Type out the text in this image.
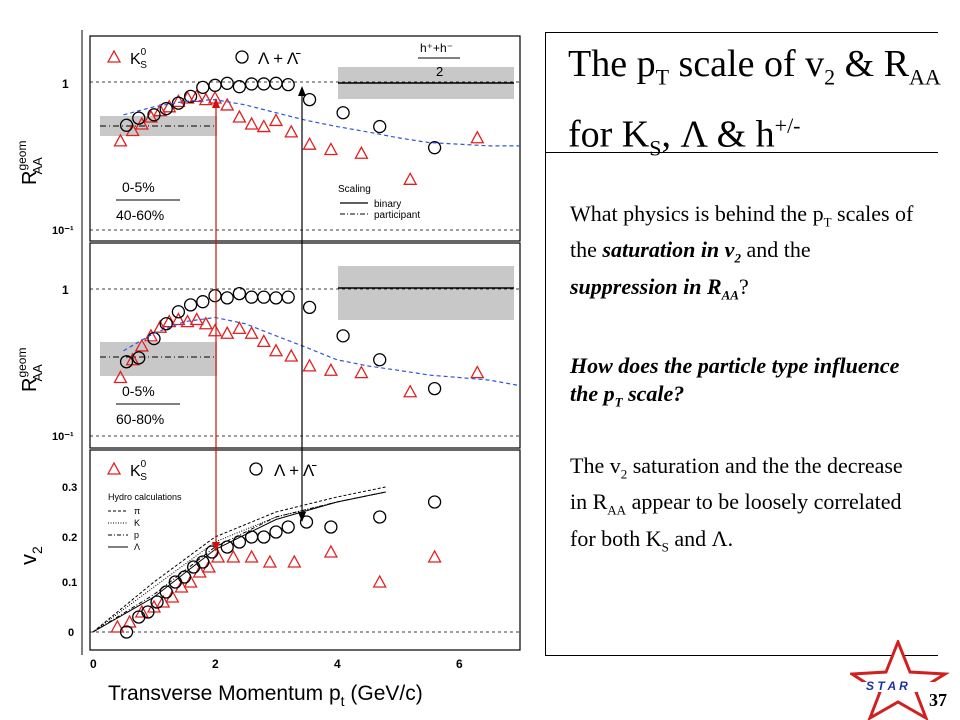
1
10⁻¹
1
10⁻¹
0.3
0.2
0.1
0
0	2	4	6
Transverse Momentum $p_t$ (GeV/c)
$R^{geom}AA$
$R^{geom}AA$
$v_2$
$K^0$ S	Λ + Λ̄
h⁺+h⁻
2
0-5%
40-60%
Scaling
binary
participant
0-5%
60-80%
$K^0$ S	Λ + Λ̄
Hydro calculations
π
K
p
Λ
The $p_T$ scale of $v_2$ & $R_{AA}$ for $K_S$, Λ & h+/-
What physics is behind the $p_T$ scales of the saturation in $v_2$ and the suppression in $R_{AA}$?
How does the particle type influence the $p_T$ scale?
The $v_2$ saturation and the the decrease in $R_{AA}$ appear to be loosely correlated for both $K_S$ and Λ.
S T A R
37
